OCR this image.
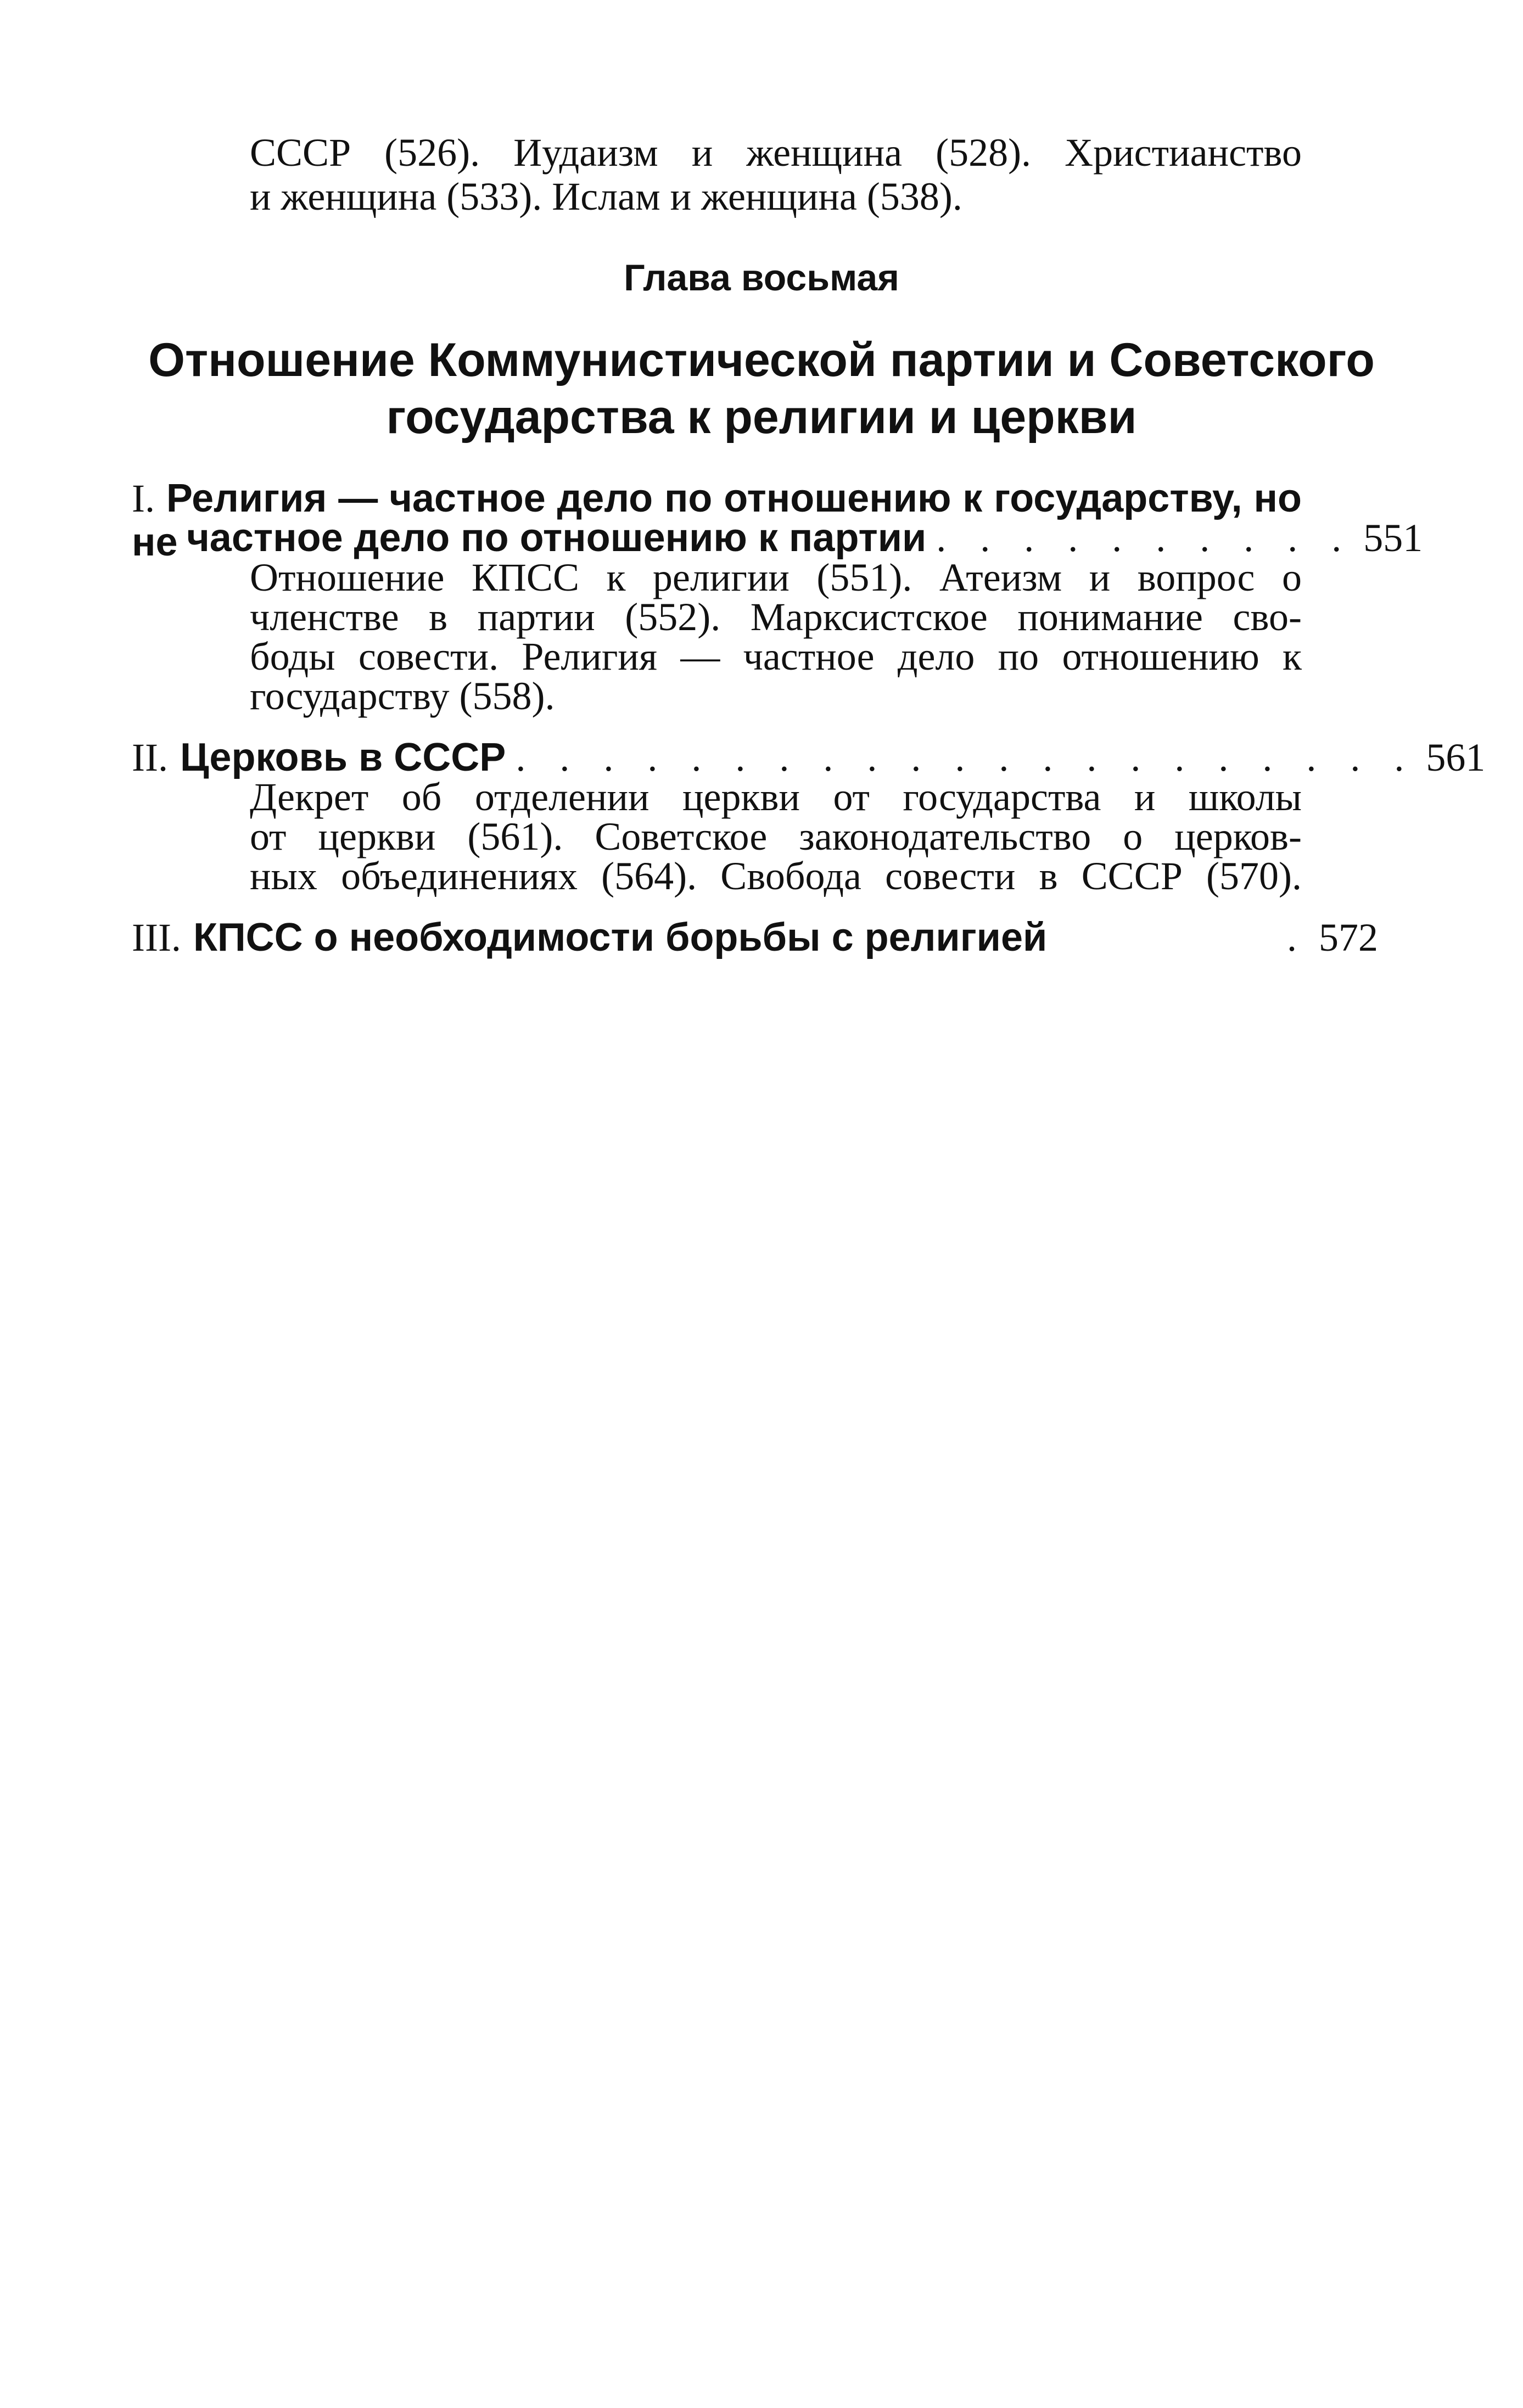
СССР (526). Иудаизм и женщина (528). Христианство
и женщина (533). Ислам и женщина (538).
Глава восьмая
Отношение Коммунистической партии и Советского
государства к религии и церкви
I. Религия — частное дело по отношению к государству, но не частное дело по отношению к партии . . . . . . . . . . 551
Отношение КПСС к религии (551). Атеизм и вопрос о
членстве в партии (552). Марксистское понимание сво-
боды совести. Религия — частное дело по отношению к
государству (558).
II. Церковь в СССР . . . . . . . . . . . . . . . . . . . . . 561
Декрет об отделении церкви от государства и школы
от церкви (561). Советское законодательство о церков-
ных объединениях (564). Свобода совести в СССР (570).
III. КПСС о необходимости борьбы с религией	. 572
